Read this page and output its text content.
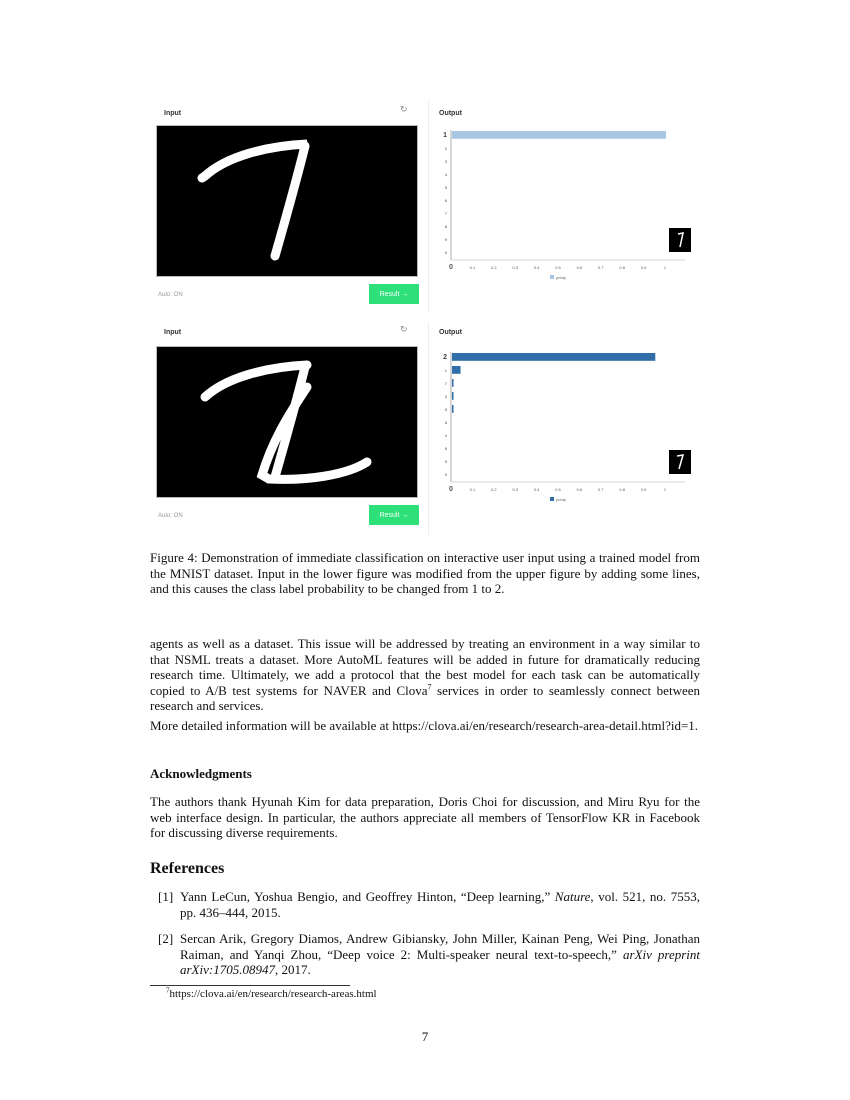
Input	↻
Auto: ON	Result →
Output
1
2
3
4
5
6
7
8
9
0
0	0.1	0.2	0.3	0.4	0.5	0.6	0.7	0.8	0.9	1
predy
Input	↻
Auto: ON	Result →
Output
2
1
7
3
5
6
4
8
9
0
0	0.1	0.2	0.3	0.4	0.5	0.6	0.7	0.8	0.9	1
predy
Figure 4: Demonstration of immediate classification on interactive user input using a trained model from the MNIST dataset. Input in the lower figure was modified from the upper figure by adding some lines, and this causes the class label probability to be changed from 1 to 2.

agents as well as a dataset. This issue will be addressed by treating an environment in a way similar to that NSML treats a dataset. More AutoML features will be added in future for dramatically reducing research time. Ultimately, we add a protocol that the best model for each task can be automatically copied to A/B test systems for NAVER and Clova$^7$ services in order to seamlessly connect between research and services.

More detailed information will be available at https://clova.ai/en/research/research-area-detail.html?id=1.

Acknowledgments

The authors thank Hyunah Kim for data preparation, Doris Choi for discussion, and Miru Ryu for the web interface design. In particular, the authors appreciate all members of TensorFlow KR in Facebook for discussing diverse requirements.

References
[1] Yann LeCun, Yoshua Bengio, and Geoffrey Hinton, “Deep learning,” Nature, vol. 521, no. 7553, pp. 436–444, 2015.
[2] Sercan Arik, Gregory Diamos, Andrew Gibiansky, John Miller, Kainan Peng, Wei Ping, Jonathan Raiman, and Yanqi Zhou, “Deep voice 2: Multi-speaker neural text-to-speech,” arXiv preprint arXiv:1705.08947, 2017.
$^7$https://clova.ai/en/research/research-areas.html
7
